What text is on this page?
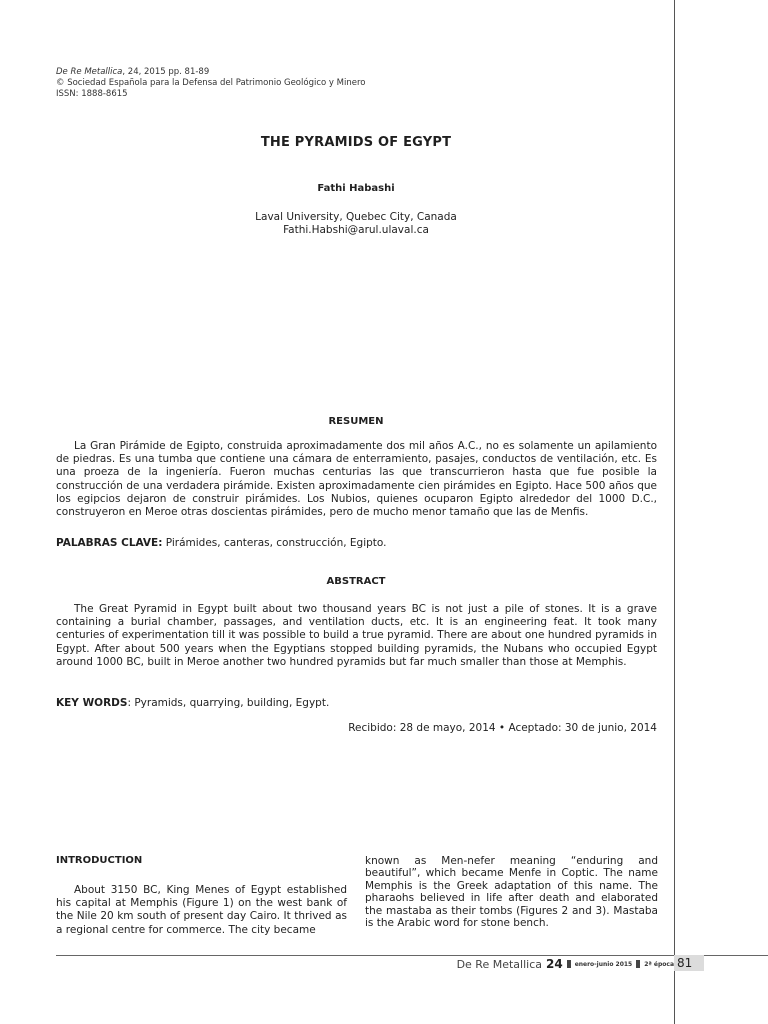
De Re Metallica, 24, 2015 pp. 81-89
© Sociedad Española para la Defensa del Patrimonio Geológico y Minero
ISSN: 1888-8615
THE PYRAMIDS OF EGYPT
Fathi Habashi
Laval University, Quebec City, Canada
Fathi.Habshi@arul.ulaval.ca
RESUMEN

La Gran Pirámide de Egipto, construida aproximadamente dos mil años A.C., no es solamente un apilamiento de piedras. Es una tumba que contiene una cámara de enterramiento, pasajes, conductos de ventilación, etc. Es una proeza de la ingeniería. Fueron muchas centurias las que transcurrieron hasta que fue posible la construcción de una verdadera pirámide. Existen aproximadamente cien pirámides en Egipto. Hace 500 años que los egipcios dejaron de construir pirámides. Los Nubios, quienes ocuparon Egipto alrededor del 1000 D.C., construyeron en Meroe otras doscientas pirámides, pero de mucho menor tamaño que las de Menfis.

PALABRAS CLAVE: Pirámides, canteras, construcción, Egipto.
ABSTRACT

The Great Pyramid in Egypt built about two thousand years BC is not just a pile of stones. It is a grave containing a burial chamber, passages, and ventilation ducts, etc. It is an engineering feat. It took many centuries of experimentation till it was possible to build a true pyramid. There are about one hundred pyramids in Egypt. After about 500 years when the Egyptians stopped building pyramids, the Nubans who occupied Egypt around 1000 BC, built in Meroe another two hundred pyramids but far much smaller than those at Memphis.

KEY WORDS: Pyramids, quarrying, building, Egypt.
Recibido: 28 de mayo, 2014 • Aceptado: 30 de junio, 2014
INTRODUCTION

About 3150 BC, King Menes of Egypt established his capital at Memphis (Figure 1) on the west bank of the Nile 20 km south of present day Cairo. It thrived as a regional centre for commerce. The city became

known as Men-nefer meaning “enduring and beautiful”, which became Menfe in Coptic. The name Memphis is the Greek adaptation of this name. The pharaohs believed in life after death and elaborated the mastaba as their tombs (Figures 2 and 3). Mastaba is the Arabic word for stone bench.

De Re Metallica 24 enero-junio 2015 2ª época 81
